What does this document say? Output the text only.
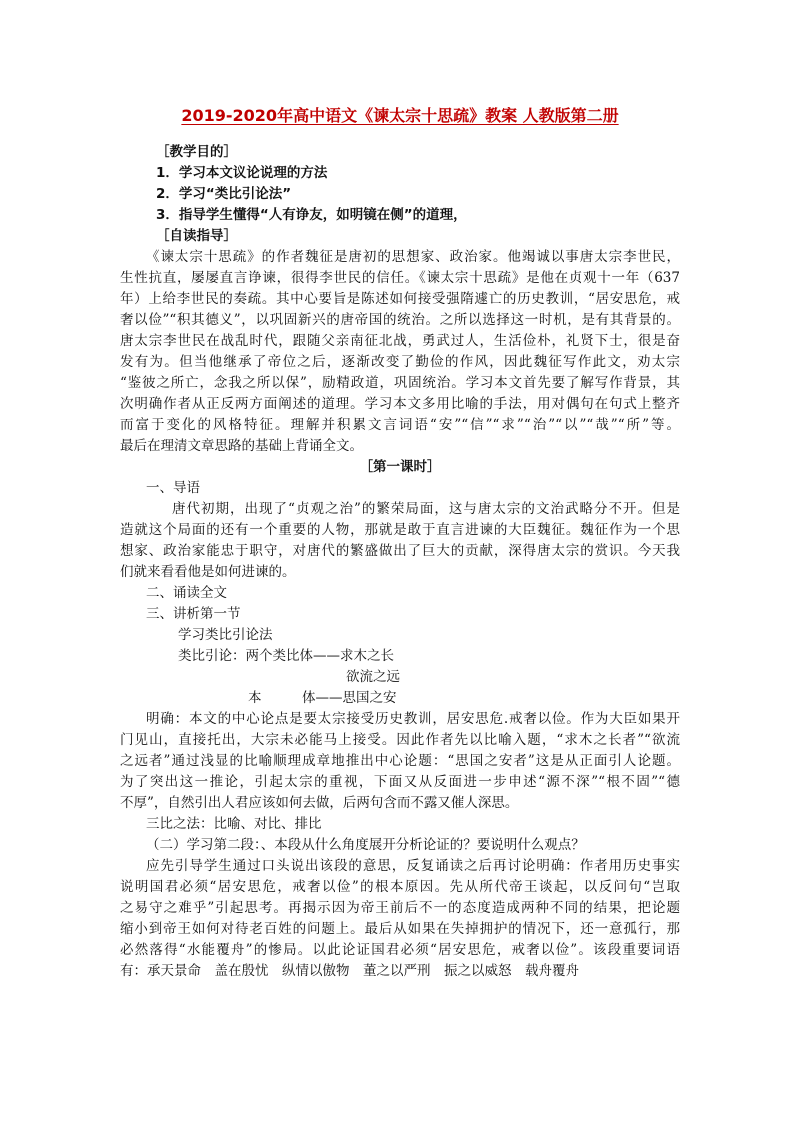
2019-2020年高中语文《谏太宗十思疏》教案 人教版第二册
［教学目的］
1．学习本文议论说理的方法
2．学习“类比引论法”
3．指导学生懂得“人有诤友，如明镜在侧”的道理，
［自读指导］
《谏太宗十思疏》的作者魏征是唐初的思想家、政治家。他竭诚以事唐太宗李世民，
生性抗直，屡屡直言诤谏，很得李世民的信任。《谏太宗十思疏》是他在贞观十一年（637
年）上给李世民的奏疏。其中心要旨是陈述如何接受强隋遽亡的历史教训，“居安思危，戒
奢以俭”“积其德义”，以巩固新兴的唐帝国的统治。之所以选择这一时机，是有其背景的。
唐太宗李世民在战乱时代，跟随父亲南征北战，勇武过人，生活俭朴，礼贤下士，很是奋
发有为。但当他继承了帝位之后，逐渐改变了勤俭的作风，因此魏征写作此文，劝太宗
“鉴彼之所亡，念我之所以保”，励精政道，巩固统治。学习本文首先要了解写作背景，其
次明确作者从正反两方面阐述的道理。学习本文多用比喻的手法，用对偶句在句式上整齐
而富于变化的风格特征。理解并积累文言词语“安”“信”“求”“治”“以”“哉”“所”等。
最后在理清文章思路的基础上背诵全文。
［第一课时］
一、导语
唐代初期，出现了“贞观之治”的繁荣局面，这与唐太宗的文治武略分不开。但是
造就这个局面的还有一个重要的人物，那就是敢于直言进谏的大臣魏征。魏征作为一个思
想家、政治家能忠于职守，对唐代的繁盛做出了巨大的贡献，深得唐太宗的赏识。今天我
们就来看看他是如何进谏的。
二、诵读全文
三、讲析第一节
学习类比引论法
类比引论：两个类比体——求木之长
欲流之远
本　　　体——思国之安
明确：本文的中心论点是要太宗接受历史教训，居安思危.戒奢以俭。作为大臣如果开
门见山，直接托出，大宗未必能马上接受。因此作者先以比喻入题，“求木之长者”“欲流
之远者”通过浅显的比喻顺理成章地推出中心论题：“思国之安者”这是从正面引人论题。
为了突出这一推论，引起太宗的重视，下面又从反面进一步申述“源不深”“根不固”“德
不厚”，自然引出人君应该如何去做，后两句含而不露又催人深思。
三比之法：比喻、对比、排比
（二）学习第二段：、本段从什么角度展开分析论证的？要说明什么观点？
应先引导学生通过口头说出该段的意思，反复诵读之后再讨论明确：作者用历史事实
说明国君必须“居安思危，戒奢以俭”的根本原因。先从所代帝王谈起，以反问句“岂取
之易守之难乎”引起思考。再揭示因为帝王前后不一的态度造成两种不同的结果，把论题
缩小到帝王如何对待老百姓的问题上。最后从如果在失掉拥护的情况下，还一意孤行，那
必然落得“水能覆舟”的惨局。以此论证国君必须“居安思危，戒奢以俭”。该段重要词语
有：承天景命　盖在殷忧　纵情以傲物　董之以严刑　振之以威怒　载舟覆舟
